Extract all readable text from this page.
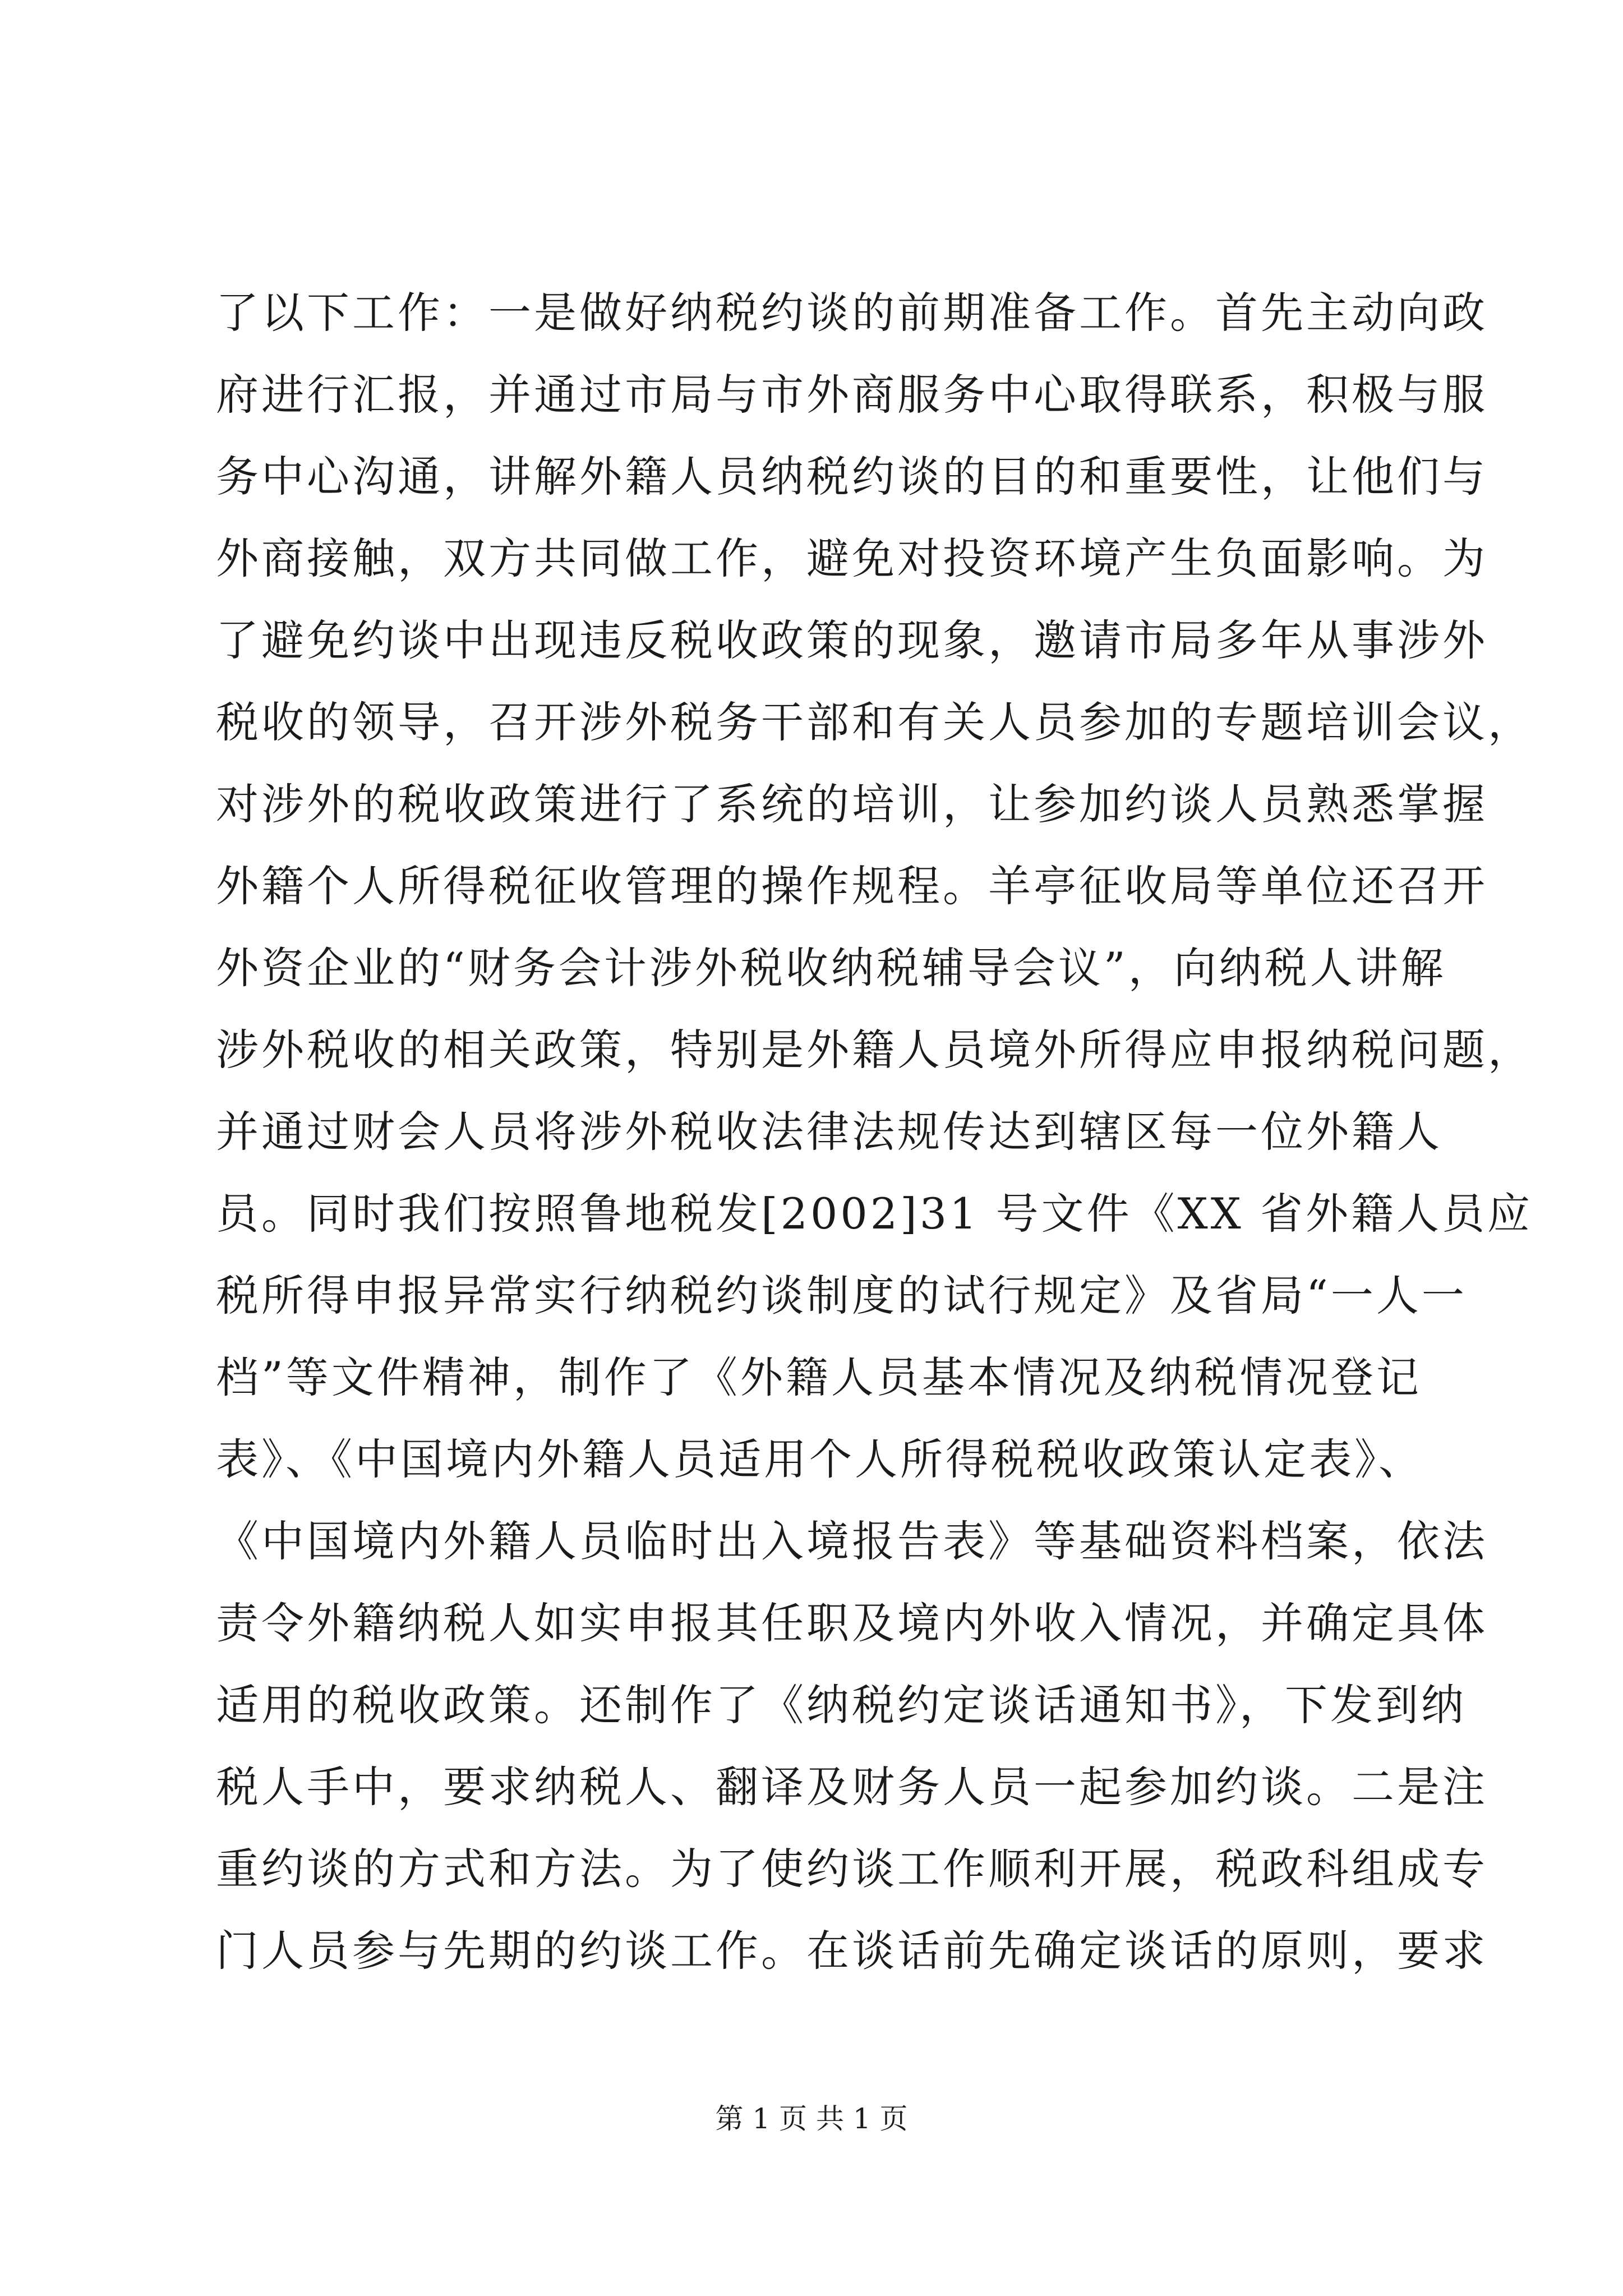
了以下工作：一是做好纳税约谈的前期准备工作。首先主动向政
府进行汇报，并通过市局与市外商服务中心取得联系，积极与服
务中心沟通，讲解外籍人员纳税约谈的目的和重要性，让他们与
外商接触，双方共同做工作，避免对投资环境产生负面影响。为
了避免约谈中出现违反税收政策的现象，邀请市局多年从事涉外
税收的领导，召开涉外税务干部和有关人员参加的专题培训会议，
对涉外的税收政策进行了系统的培训，让参加约谈人员熟悉掌握
外籍个人所得税征收管理的操作规程。羊亭征收局等单位还召开
外资企业的“财务会计涉外税收纳税辅导会议”，向纳税人讲解
涉外税收的相关政策，特别是外籍人员境外所得应申报纳税问题，
并通过财会人员将涉外税收法律法规传达到辖区每一位外籍人
员。同时我们按照鲁地税发[2002]31 号文件《XX 省外籍人员应
税所得申报异常实行纳税约谈制度的试行规定》及省局“一人一
档”等文件精神，制作了《外籍人员基本情况及纳税情况登记
表》、《中国境内外籍人员适用个人所得税税收政策认定表》、
《中国境内外籍人员临时出入境报告表》等基础资料档案，依法
责令外籍纳税人如实申报其任职及境内外收入情况，并确定具体
适用的税收政策。还制作了《纳税约定谈话通知书》，下发到纳
税人手中，要求纳税人、翻译及财务人员一起参加约谈。二是注
重约谈的方式和方法。为了使约谈工作顺利开展，税政科组成专
门人员参与先期的约谈工作。在谈话前先确定谈话的原则，要求
第 1 页 共 1 页
